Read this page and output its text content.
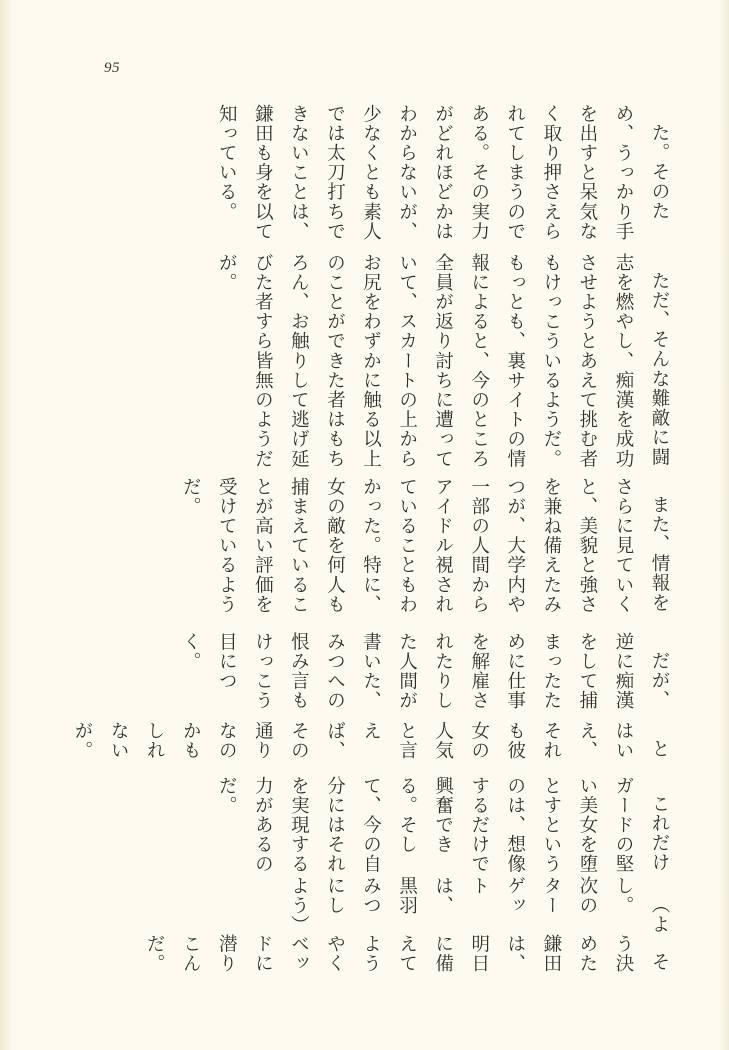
95

た。そのため、うっかり手を出すと呆気なく取り押さえられてしまうのである。その実力がどれほどかはわからないが、少なくとも素人では太刀打ちできないことは、鎌田も身を以て知っている。

ただ、そんな難敵に闘志を燃やし、痴漢を成功させようとあえて挑む者もけっこういるようだ。もっとも、裏サイトの情報によると、今のところ全員が返り討ちに遭っていて、スカートの上からお尻をわずかに触る以上のことができた者はもちろん、お触りして逃げ延びた者すら皆無のようだが。

また、情報をさらに見ていくと、美貌と強さを兼ね備えたみつが、大学内や一部の人間からアイドル視されていることもわかった。特に、女の敵を何人も捕まえていることが高い評価を受けているようだ。

だが、逆に痴漢をして捕まったために仕事を解雇されたりした人間が書いた、みつへの恨み言もけっこう目につく。

とはいえ、それも彼女の人気と言えば、その通りなのかもしれないが。

これだけガードの堅い美女を堕とすというのは、想像するだけで興奮できる。そして、今の自分にはそれを実現する力があるのだ。

（よし。次のターゲットは、黒羽みつにしよう）

そう決めた鎌田は、明日に備えてようやくベッドに潜りこんだ。
